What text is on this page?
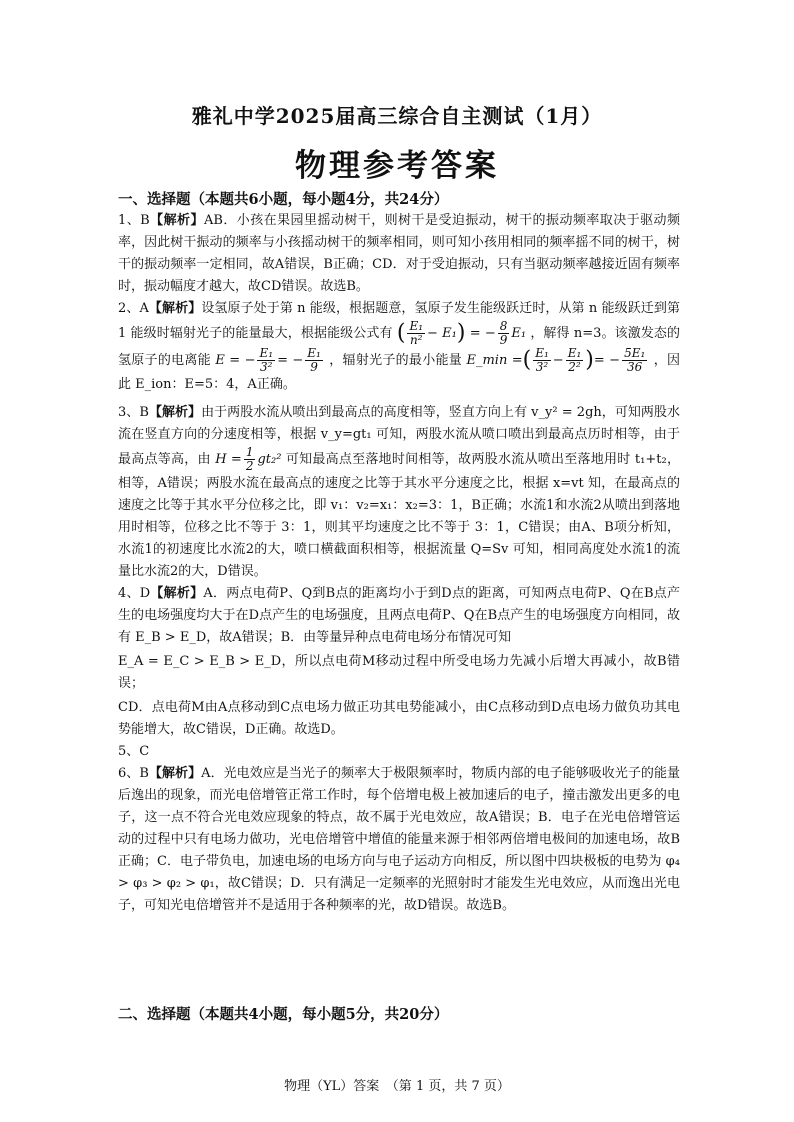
雅礼中学2025届高三综合自主测试（1月）
物理参考答案
一、选择题（本题共6小题，每小题4分，共24分）

1、B【解析】AB．小孩在果园里摇动树干，则树干是受迫振动，树干的振动频率取决于驱动频率，因此树干振动的频率与小孩摇动树干的频率相同，则可知小孩用相同的频率摇不同的树干，树干的振动频率一定相同，故A错误，B正确；CD．对于受迫振动，只有当驱动频率越接近固有频率时，振动幅度才越大，故CD错误。故选B。

2、A【解析】设氢原子处于第 n 能级，根据题意，氢原子发生能级跃迁时，从第 n 能级跃迁到第 1 能级时辐射光子的能量最大，根据能级公式有 ( $\frac{\text{E₁}}{\text{n²}} - E_1$) = − $\frac{8}{9} E_1$ ，解得 n=3。该激发态的氢原子的电离能 E = − $\frac{\text{E₁}}{\text{3²}}$ = − $\frac{\text{E₁}}{9}$ ，辐射光子的最小能量 E_min =( $\frac{\text{E₁}}{\text{3²}} - \frac{\text{E₁}}{\text{2²}}$ )= − $\frac{\text{5E₁}}{36}$ ，因此 E_ion：E=5：4，A正确。

3、B【解析】由于两股水流从喷出到最高点的高度相等，竖直方向上有 v_y² = 2gh，可知两股水流在竖直方向的分速度相等，根据 v_y=gt₁ 可知，两股水流从喷口喷出到最高点历时相等，由于最高点等高，由 $H = \frac{1}{2} gt_2^2$ 可知最高点至落地时间相等，故两股水流从喷出至落地用时 t₁+t₂，相等，A错误；两股水流在最高点的速度之比等于其水平分速度之比，根据 x=vt 知，在最高点的速度之比等于其水平分位移之比，即 v₁：v₂=x₁：x₂=3：1，B正确；水流1和水流2从喷出到落地用时相等，位移之比不等于 3：1，则其平均速度之比不等于 3：1，C错误；由A、B项分析知，水流1的初速度比水流2的大，喷口横截面积相等，根据流量 Q=Sv 可知，相同高度处水流1的流量比水流2的大，D错误。

4、D【解析】A．两点电荷P、Q到B点的距离均小于到D点的距离，可知两点电荷P、Q在B点产生的电场强度均大于在D点产生的电场强度，且两点电荷P、Q在B点产生的电场强度方向相同，故有 E_B > E_D，故A错误；B．由等量异种点电荷电场分布情况可知

E_A = E_C > E_B > E_D，所以点电荷M移动过程中所受电场力先减小后增大再减小，故B错误；

CD．点电荷M由A点移动到C点电场力做正功其电势能减小，由C点移动到D点电场力做负功其电势能增大，故C错误，D正确。故选D。

5、C

6、B【解析】A．光电效应是当光子的频率大于极限频率时，物质内部的电子能够吸收光子的能量后逸出的现象，而光电倍增管正常工作时，每个倍增电极上被加速后的电子，撞击激发出更多的电子，这一点不符合光电效应现象的特点，故不属于光电效应，故A错误；B．电子在光电倍增管运动的过程中只有电场力做功，光电倍增管中增值的能量来源于相邻两倍增电极间的加速电场，故B正确；C．电子带负电，加速电场的电场方向与电子运动方向相反，所以图中四块极板的电势为 φ₄ > φ₃ > φ₂ > φ₁，故C错误；D．只有满足一定频率的光照射时才能发生光电效应，从而逸出光电子，可知光电倍增管并不是适用于各种频率的光，故D错误。故选B。

二、选择题（本题共4小题，每小题5分，共20分）
物理（YL）答案　（第 1 页，共 7 页）
